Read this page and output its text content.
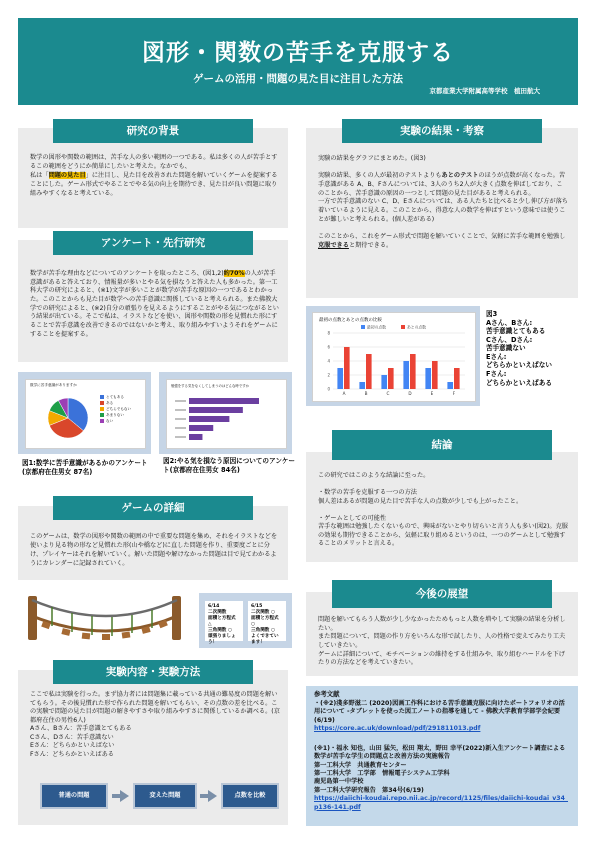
図形・関数の苦手を克服する
ゲームの活用・問題の見た目に注目した方法
京都産業大学附属高等学校　植田航大
研究の背景
数学の図形や関数の範囲は、苦手な人の多い範囲の一つである。私は多くの人が苦手とするこの範囲をどうにか簡単にしたいと考えた。なかでも、
私は「問題の見た目」に注目し、見た目を改善された問題を解いていくゲームを提案することにした。ゲーム形式でやることでやる気の向上を期待でき、見た目が良い問題に取り組みやすくなると考えている。
アンケート・先行研究
数学が苦手な理由などについてのアンケートを取ったところ、(図1,2)約70%の人が苦手意識があると答えており、情報量が多いとやる気を損なうと答えた人も多かった。第一工科大学の研究によると、(※1)文字が多いことが数学が苦手な原因の一つであるとわかった。このことからも見た目が数学への苦手意識に関係していると考えられる。また佛教大学での研究によると、(※2)自分の頑張りを見えるようにすることがやる気につながるという結果が出ている。そこで私は、イラストなどを使い、図形や関数の形を見慣れた形にすることで苦手意識を改善できるのではないかと考え、取り組みやすいようそれをゲームにすることを提案する。
数学に苦手意識がありますか
とてもある
ある
どちらでもない
あまりない
ない
図1:数学に苦手意識があるかのアンケート(京都府在住男女 87名)
勉強をする気をなくしてしまうのはどんな時ですか
図2:やる気を損なう原因についてのアンケート(京都府在住男女 84名)
ゲームの詳細
このゲームは、数学の図形や関数の範囲の中で重要な問題を集め、それをイラストなどを使いより見る物の形など見慣れた形(山や橋など)に直した問題を作り、重要度ごとに分け、プレイヤーはそれを解いていく。解いた問題や解けなかった問題は目で見てわかるようにカレンダーに記録されていく。
6/14
二次関数
面積と方程式 △
三角関数 ○
頑張りましょう！
6/15
二次関数 ○
面積と方程式 ○
三角関数 ○
よくできています！
実験内容・実験方法
ここで私は実験を行った。まず協力者には問題集に載っている共通の難易度の問題を解いてもらう。その後見慣れた形で作られた問題を解いてもらい、その点数の差を比べる。この実験で問題の見た目が問題の解きやすさや取り組みやすさに関係しているか調べる。(京都府在住の男性6人)
Aさん、Bさん：苦手意識とてもある
Cさん、Dさん：苦手意識ない
Eさん：どちらかといえばない
Fさん：どちらかといえばある
普通の問題	変えた問題	点数を比較
実験の結果・考察
実験の結果をグラフにまとめた。(図3)

実験の結果、多くの人が最初のテストよりもあとのテストのほうが点数が高くなった。苦手意識がある A、B、Fさんについては、3人のうち2人が大きく点数を伸ばしており、このことから、苦手意識の原因の一つとして問題の見た目があると考えられる。
一方で苦手意識のない C、D、Eさんについては、ある人たちと比べると少し伸び方が落ち着いているように見える。このことから、得意な人の数学を伸ばすという意味では使うことが難しいと考えられる。(個人差がある)

このことから、これをゲーム形式で問題を解いていくことで、気軽に苦手な範囲を勉強し克服できると期待できる。
最初の点数とあとの点数の比較
最初の点数	あとの点数
0
2
4
6
8
A	B	C	D	E	F
図3
Aさん、Bさん:
苦手意識とてもある
Cさん、Dさん:
苦手意識ない
Eさん:
どちらかといえばない
Fさん:
どちらかといえばある
結論
この研究ではこのような結論に至った。

・数学の苦手を克服する一つの方法
個人差はあるが問題の見た目で苦手な人の点数が少しでも上がったこと。

・ゲームとしての可能性
苦手な範囲は勉強したくないもので、興味がないとやり切らいと言う人も多い(図2)。克服の効果も期待できることから、気軽に取り組めるというのは、一つのゲームとして勉強することのメリットと言える。
今後の展望
問題を解いてもらう人数が少し少なかったためもっと人数を増やして実験の結果を分析したい。
また問題について、問題の作り方をいろんな形で試したり、人の性格で変えてみたり工夫していきたい。
ゲームに詳細について、モチベーションの維持をする仕組みや、取り組むハードルを下げたりの方法などを考えていきたい。
参考文献
・(※2)淺多野滋二 (2020)図画工作科における苦手意識克服に向けたポートフォリオの活用について -タブレットを使った図工ノートの指導を通して - 佛教大学教育学部学会紀要 (6/19)
https://core.ac.uk/download/pdf/291811013.pdf
(※1)・福永 知也，山田 猛矢，松田 翔太，野田 幸平(2022)新入生アンケート調査による数学が苦手な学生の問題点と改善方法の実施報告
第一工科大学　共通教育センター
第一工科大学　工学部　情報電子システム工学科
鹿児島第一中学校
第一工科大学研究報告　第34号(6/19)
https://daiichi-koudai.repo.nii.ac.jp/record/1125/files/daiichi-koudai_v34_p136-141.pdf
